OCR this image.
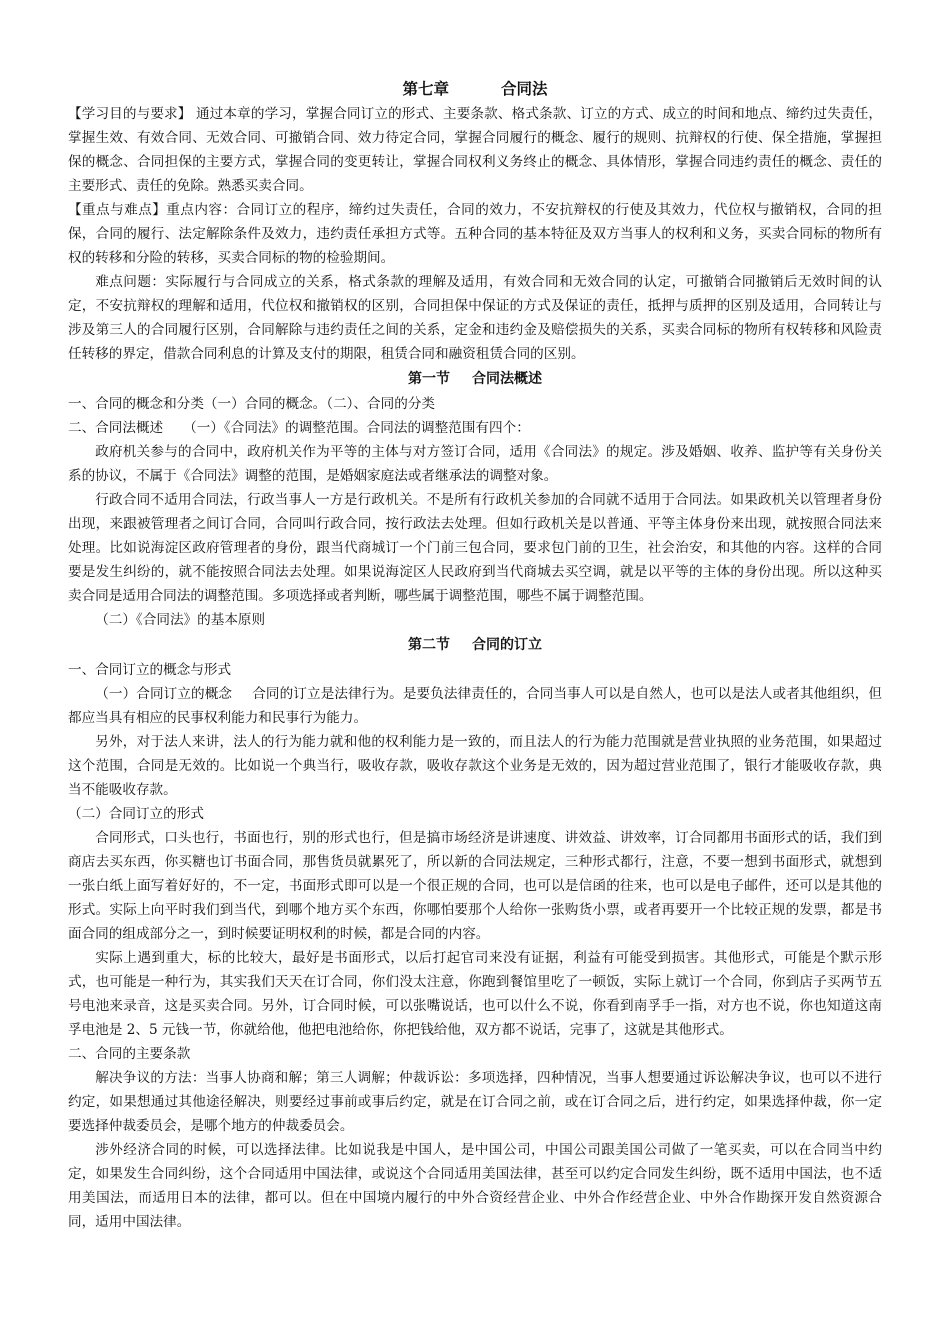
第七章	合同法

【学习目的与要求】 通过本章的学习，掌握合同订立的形式、主要条款、格式条款、订立的方式、成立的时间和地点、缔约过失责任，掌握生效、有效合同、无效合同、可撤销合同、效力待定合同，掌握合同履行的概念、履行的规则、抗辩权的行使、保全措施，掌握担保的概念、合同担保的主要方式，掌握合同的变更转让，掌握合同权利义务终止的概念、具体情形，掌握合同违约责任的概念、责任的主要形式、责任的免除。熟悉买卖合同。

【重点与难点】重点内容：合同订立的程序，缔约过失责任，合同的效力，不安抗辩权的行使及其效力，代位权与撤销权，合同的担保，合同的履行、法定解除条件及效力，违约责任承担方式等。五种合同的基本特征及双方当事人的权利和义务，买卖合同标的物所有权的转移和分险的转移，买卖合同标的物的检验期间。

难点问题：实际履行与合同成立的关系，格式条款的理解及适用，有效合同和无效合同的认定，可撤销合同撤销后无效时间的认定，不安抗辩权的理解和适用，代位权和撤销权的区别，合同担保中保证的方式及保证的责任，抵押与质押的区别及适用，合同转让与涉及第三人的合同履行区别，合同解除与违约责任之间的关系，定金和违约金及赔偿损失的关系，买卖合同标的物所有权转移和风险责任转移的界定，借款合同利息的计算及支付的期限，租赁合同和融资租赁合同的区别。

第一节 合同法概述

一、合同的概念和分类（一）合同的概念。（二）、合同的分类

二、合同法概述 （一）《合同法》的调整范围。合同法的调整范围有四个：

政府机关参与的合同中，政府机关作为平等的主体与对方签订合同，适用《合同法》的规定。涉及婚姻、收养、监护等有关身份关系的协议，不属于《合同法》调整的范围，是婚姻家庭法或者继承法的调整对象。

行政合同不适用合同法，行政当事人一方是行政机关。不是所有行政机关参加的合同就不适用于合同法。如果政机关以管理者身份出现，来跟被管理者之间订合同，合同叫行政合同，按行政法去处理。但如行政机关是以普通、平等主体身份来出现，就按照合同法来处理。比如说海淀区政府管理者的身份，跟当代商城订一个门前三包合同，要求包门前的卫生，社会治安，和其他的内容。这样的合同要是发生纠纷的，就不能按照合同法去处理。如果说海淀区人民政府到当代商城去买空调，就是以平等的主体的身份出现。所以这种买卖合同是适用合同法的调整范围。多项选择或者判断，哪些属于调整范围，哪些不属于调整范围。

（二）《合同法》的基本原则

第二节 合同的订立

一、合同订立的概念与形式

（一）合同订立的概念 合同的订立是法律行为。是要负法律责任的，合同当事人可以是自然人，也可以是法人或者其他组织，但都应当具有相应的民事权利能力和民事行为能力。

另外，对于法人来讲，法人的行为能力就和他的权利能力是一致的，而且法人的行为能力范围就是营业执照的业务范围，如果超过这个范围，合同是无效的。比如说一个典当行，吸收存款，吸收存款这个业务是无效的，因为超过营业范围了，银行才能吸收存款，典当不能吸收存款。

（二）合同订立的形式

合同形式，口头也行，书面也行，别的形式也行，但是搞市场经济是讲速度、讲效益、讲效率，订合同都用书面形式的话，我们到商店去买东西，你买糖也订书面合同，那售货员就累死了，所以新的合同法规定，三种形式都行，注意，不要一想到书面形式，就想到一张白纸上面写着好好的，不一定，书面形式即可以是一个很正规的合同，也可以是信函的往来，也可以是电子邮件，还可以是其他的形式。实际上向平时我们到当代，到哪个地方买个东西，你哪怕要那个人给你一张购货小票，或者再要开一个比较正规的发票，都是书面合同的组成部分之一，到时候要证明权利的时候，都是合同的内容。

实际上遇到重大，标的比较大，最好是书面形式，以后打起官司来没有证据，利益有可能受到损害。其他形式，可能是个默示形式，也可能是一种行为，其实我们天天在订合同，你们没太注意，你跑到餐馆里吃了一顿饭，实际上就订一个合同，你到店子买两节五号电池来录音，这是买卖合同。另外，订合同时候，可以张嘴说话，也可以什么不说，你看到南孚手一指，对方也不说，你也知道这南孚电池是 2、5 元钱一节，你就给他，他把电池给你，你把钱给他，双方都不说话，完事了，这就是其他形式。

二、合同的主要条款

解决争议的方法：当事人协商和解；第三人调解；仲裁诉讼：多项选择，四种情况，当事人想要通过诉讼解决争议，也可以不进行约定，如果想通过其他途径解决，则要经过事前或事后约定，就是在订合同之前，或在订合同之后，进行约定，如果选择仲裁，你一定要选择仲裁委员会，是哪个地方的仲裁委员会。

涉外经济合同的时候，可以选择法律。比如说我是中国人，是中国公司，中国公司跟美国公司做了一笔买卖，可以在合同当中约定，如果发生合同纠纷，这个合同适用中国法律，或说这个合同适用美国法律，甚至可以约定合同发生纠纷，既不适用中国法，也不适用美国法，而适用日本的法律，都可以。但在中国境内履行的中外合资经营企业、中外合作经营企业、中外合作勘探开发自然资源合同，适用中国法律。
